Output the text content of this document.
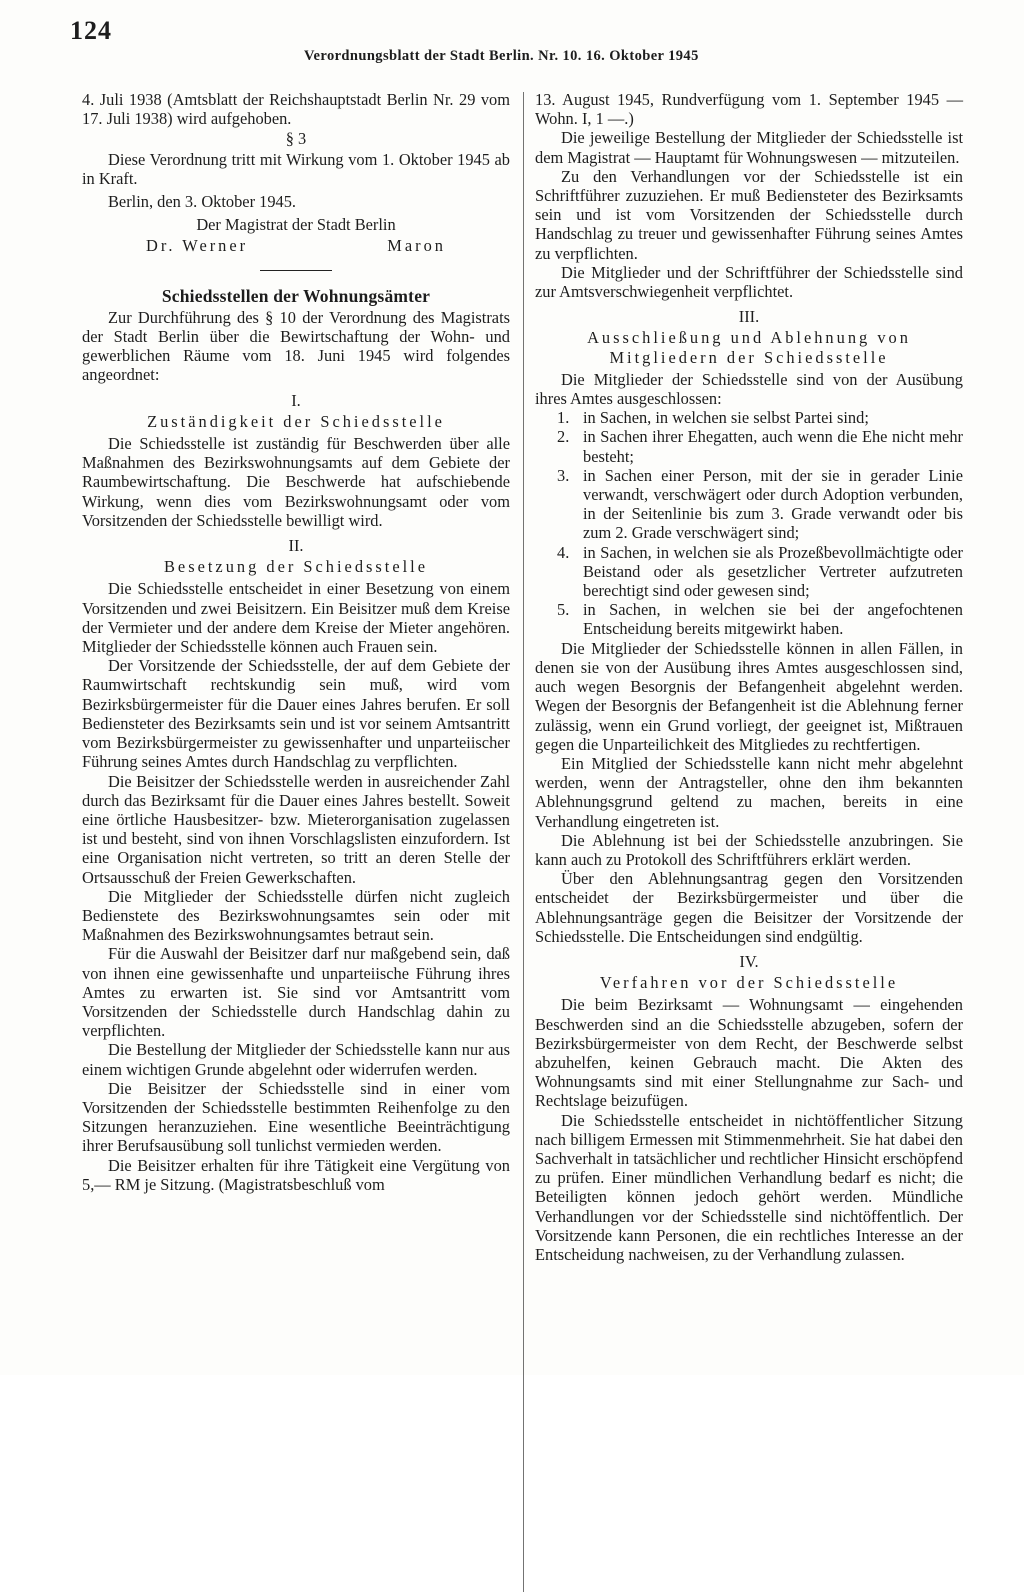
124
Verordnungsblatt der Stadt Berlin. Nr. 10. 16. Oktober 1945

4. Juli 1938 (Amtsblatt der Reichshauptstadt Berlin Nr. 29 vom 17. Juli 1938) wird aufgehoben.

§ 3

Diese Verordnung tritt mit Wirkung vom 1. Oktober 1945 ab in Kraft.

Berlin, den 3. Oktober 1945.

Der Magistrat der Stadt Berlin

Dr. Werner	Maron
Schiedsstellen der Wohnungsämter

Zur Durchführung des § 10 der Verordnung des Magistrats der Stadt Berlin über die Bewirtschaftung der Wohn- und gewerblichen Räume vom 18. Juni 1945 wird folgendes angeordnet:

I.
Zuständigkeit der Schiedsstelle

Die Schiedsstelle ist zuständig für Beschwerden über alle Maßnahmen des Bezirkswohnungsamts auf dem Gebiete der Raumbewirtschaftung. Die Beschwerde hat aufschiebende Wirkung, wenn dies vom Bezirkswohnungsamt oder vom Vorsitzenden der Schiedsstelle bewilligt wird.

II.
Besetzung der Schiedsstelle

Die Schiedsstelle entscheidet in einer Besetzung von einem Vorsitzenden und zwei Beisitzern. Ein Beisitzer muß dem Kreise der Vermieter und der andere dem Kreise der Mieter angehören. Mitglieder der Schiedsstelle können auch Frauen sein.

Der Vorsitzende der Schiedsstelle, der auf dem Gebiete der Raumwirtschaft rechtskundig sein muß, wird vom Bezirksbürgermeister für die Dauer eines Jahres berufen. Er soll Bediensteter des Bezirksamts sein und ist vor seinem Amtsantritt vom Bezirksbürgermeister zu gewissenhafter und unparteiischer Führung seines Amtes durch Handschlag zu verpflichten.

Die Beisitzer der Schiedsstelle werden in ausreichender Zahl durch das Bezirksamt für die Dauer eines Jahres bestellt. Soweit eine örtliche Hausbesitzer- bzw. Mieterorganisation zugelassen ist und besteht, sind von ihnen Vorschlagslisten einzufordern. Ist eine Organisation nicht vertreten, so tritt an deren Stelle der Ortsausschuß der Freien Gewerkschaften.

Die Mitglieder der Schiedsstelle dürfen nicht zugleich Bedienstete des Bezirkswohnungsamtes sein oder mit Maßnahmen des Bezirkswohnungsamtes betraut sein.

Für die Auswahl der Beisitzer darf nur maßgebend sein, daß von ihnen eine gewissenhafte und unparteiische Führung ihres Amtes zu erwarten ist. Sie sind vor Amtsantritt vom Vorsitzenden der Schiedsstelle durch Handschlag dahin zu verpflichten.

Die Bestellung der Mitglieder der Schiedsstelle kann nur aus einem wichtigen Grunde abgelehnt oder widerrufen werden.

Die Beisitzer der Schiedsstelle sind in einer vom Vorsitzenden der Schiedsstelle bestimmten Reihenfolge zu den Sitzungen heranzuziehen. Eine wesentliche Beeinträchtigung ihrer Berufsausübung soll tunlichst vermieden werden.

Die Beisitzer erhalten für ihre Tätigkeit eine Vergütung von 5,— RM je Sitzung. (Magistratsbeschluß vom

13. August 1945, Rundverfügung vom 1. September 1945 — Wohn. I, 1 —.)

Die jeweilige Bestellung der Mitglieder der Schiedsstelle ist dem Magistrat — Hauptamt für Wohnungswesen — mitzuteilen.

Zu den Verhandlungen vor der Schiedsstelle ist ein Schriftführer zuzuziehen. Er muß Bediensteter des Bezirksamts sein und ist vom Vorsitzenden der Schiedsstelle durch Handschlag zu treuer und gewissenhafter Führung seines Amtes zu verpflichten.

Die Mitglieder und der Schriftführer der Schiedsstelle sind zur Amtsverschwiegenheit verpflichtet.

III.
Ausschließung und Ablehnung von Mitgliedern der Schiedsstelle

Die Mitglieder der Schiedsstelle sind von der Ausübung ihres Amtes ausgeschlossen:

1. in Sachen, in welchen sie selbst Partei sind;
2. in Sachen ihrer Ehegatten, auch wenn die Ehe nicht mehr besteht;
3. in Sachen einer Person, mit der sie in gerader Linie verwandt, verschwägert oder durch Adoption verbunden, in der Seitenlinie bis zum 3. Grade verwandt oder bis zum 2. Grade verschwägert sind;
4. in Sachen, in welchen sie als Prozeßbevollmächtigte oder Beistand oder als gesetzlicher Vertreter aufzutreten berechtigt sind oder gewesen sind;
5. in Sachen, in welchen sie bei der angefochtenen Entscheidung bereits mitgewirkt haben.

Die Mitglieder der Schiedsstelle können in allen Fällen, in denen sie von der Ausübung ihres Amtes ausgeschlossen sind, auch wegen Besorgnis der Befangenheit abgelehnt werden. Wegen der Besorgnis der Befangenheit ist die Ablehnung ferner zulässig, wenn ein Grund vorliegt, der geeignet ist, Mißtrauen gegen die Unparteilichkeit des Mitgliedes zu rechtfertigen.

Ein Mitglied der Schiedsstelle kann nicht mehr abgelehnt werden, wenn der Antragsteller, ohne den ihm bekannten Ablehnungsgrund geltend zu machen, bereits in eine Verhandlung eingetreten ist.

Die Ablehnung ist bei der Schiedsstelle anzubringen. Sie kann auch zu Protokoll des Schriftführers erklärt werden.

Über den Ablehnungsantrag gegen den Vorsitzenden entscheidet der Bezirksbürgermeister und über die Ablehnungsanträge gegen die Beisitzer der Vorsitzende der Schiedsstelle. Die Entscheidungen sind endgültig.

IV.
Verfahren vor der Schiedsstelle

Die beim Bezirksamt — Wohnungsamt — eingehenden Beschwerden sind an die Schiedsstelle abzugeben, sofern der Bezirksbürgermeister von dem Recht, der Beschwerde selbst abzuhelfen, keinen Gebrauch macht. Die Akten des Wohnungsamts sind mit einer Stellungnahme zur Sach- und Rechtslage beizufügen.

Die Schiedsstelle entscheidet in nichtöffentlicher Sitzung nach billigem Ermessen mit Stimmenmehrheit. Sie hat dabei den Sachverhalt in tatsächlicher und rechtlicher Hinsicht erschöpfend zu prüfen. Einer mündlichen Verhandlung bedarf es nicht; die Beteiligten können jedoch gehört werden. Mündliche Verhandlungen vor der Schiedsstelle sind nichtöffentlich. Der Vorsitzende kann Personen, die ein rechtliches Interesse an der Entscheidung nachweisen, zu der Verhandlung zulassen.
